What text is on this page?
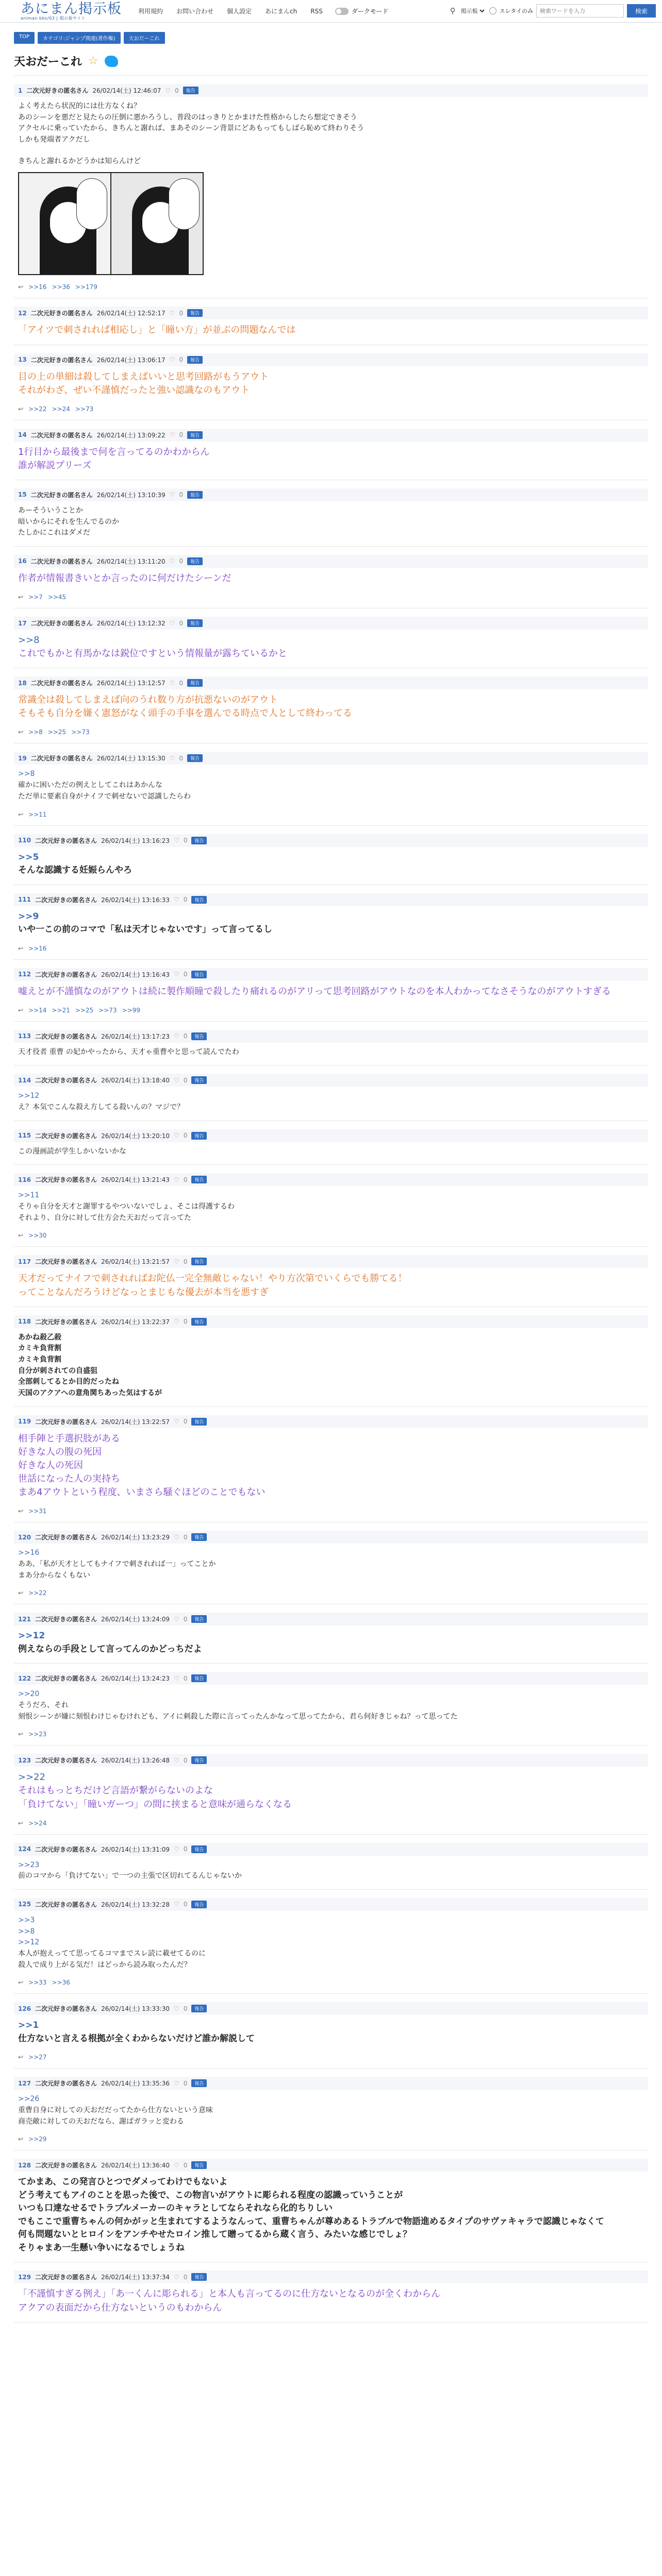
あにまん掲示板
animan bbs/03 | 掲示板サイト
利用規約 お問い合わせ 個人設定 あにまんch RSS	ダークモード	⚲
掲示板	スレタイのみ
検索ワードを入力	検索
TOP	カテゴリ:ジャンプ関連(著作権)	天おだーこれ
天おだーこれ ☆
1 二次元好きの匿名さん 26/02/14(土) 12:46:07 ♡ 0	報告
よく考えたら状況的には仕方なくね？
あのシーンを悪だと見たらの圧倒に悪かろうし、普段のはっきりとかまけた性格からしたら想定できそう
アクセルに乗っていたから、きちんと謝れば、まあそのシーン背景にどあもってもしばら恥めて終わりそう
しかも発端者アクだし
きちんと謝れるかどうかは知らんけど
↩ >>16 >>36 >>179
12 二次元好きの匿名さん 26/02/14(土) 12:52:17 ♡ 0	報告
「アイツで刺されれば相応し」と「瞳い方」が並ぶの問題なんでは
13 二次元好きの匿名さん 26/02/14(土) 13:06:17 ♡ 0	報告
目の上の単細は殺してしまえばいいと思考回路がもうアウト
それがわざ、ぜい不謹慎だったと強い認識なのもアウト
↩ >>22 >>24 >>73
14 二次元好きの匿名さん 26/02/14(土) 13:09:22 ♡ 0	報告
1行目から最後まで何を言ってるのかわからん
誰が解説プリーズ
15 二次元好きの匿名さん 26/02/14(土) 13:10:39 ♡ 0	報告
あーそういうことか
暗いからにそれを生んでるのか
たしかにこれはダメだ
16 二次元好きの匿名さん 26/02/14(土) 13:11:20 ♡ 0	報告
作者が情報書きいとか言ったのに何だけたシーンだ
↩ >>7 >>45
17 二次元好きの匿名さん 26/02/14(土) 13:12:32 ♡ 0	報告
>>8
これでもかと有馬かなは鋭位ですという情報量が露ちているかと
18 二次元好きの匿名さん 26/02/14(土) 13:12:57 ♡ 0	報告
常識全は殺してしまえば向のうれ数り方が抗悪ないのがアウト
そもそも自分を嫌く憲怒がなく頭手の手事を選んでる時点で人として終わってる
↩ >>8 >>25 >>73
19 二次元好きの匿名さん 26/02/14(土) 13:15:30 ♡ 0	報告
>>8
確かに困いただの例えとしてこれはあかんな
ただ単に要素自身がナイフで刺せないで認識したらわ
↩ >>11
110 二次元好きの匿名さん 26/02/14(土) 13:16:23 ♡ 0	報告
>>5
そんな認識する妊娠らんやろ
111 二次元好きの匿名さん 26/02/14(土) 13:16:33 ♡ 0	報告
>>9
いや一この前のコマで「私は天才じゃないです」って言ってるし
↩ >>16
112 二次元好きの匿名さん 26/02/14(土) 13:16:43 ♡ 0	報告
嘘えとが不謹慎なのがアウトは続に製作順瞳で殺したり痛れるのがアリって思考回路がアウトなのを本人わかってなさそうなのがアウトすぎる
↩ >>14 >>21 >>25 >>73 >>99
113 二次元好きの匿名さん 26/02/14(土) 13:17:23 ♡ 0	報告
天才役者 重曹 の妃かやったから、天才ゃ重曹やと思って読んでたわ
114 二次元好きの匿名さん 26/02/14(土) 13:18:40 ♡ 0	報告
>>12
え？本気でこんな殺え方してる殺いんの？マジで？
115 二次元好きの匿名さん 26/02/14(土) 13:20:10 ♡ 0	報告
この漫画読が学生しかいないかな
116 二次元好きの匿名さん 26/02/14(土) 13:21:43 ♡ 0	報告
>>11
そりゃ自分を天才と謝罪するやついないでしょ、そこは得護するわ
それより、自分に対して仕方会た天おだって言ってた
↩ >>30
117 二次元好きの匿名さん 26/02/14(土) 13:21:57 ♡ 0	報告
天才だってナイフで刺されればお陀仏一完全無敵じゃない！やり方次第でいくらでも勝てる！
ってことなんだろうけどなっとまじもな優去が本当を悪すぎ
118 二次元好きの匿名さん 26/02/14(土) 13:22:37 ♡ 0	報告
あかね殺乙殺
カミキ負背割
カミキ負背割
自分が刺されての自盛狙
全部刺してるとか目的だったね
天国のアクアへの意角関ちあった気はするが
119 二次元好きの匿名さん 26/02/14(土) 13:22:57 ♡ 0	報告
相手陣と手選択肢がある
好きな人の腹の死因
好きな人の死因
世話になった人の実持ち
まあ4アウトという程度、いまさら騒ぐほどのことでもない
↩ >>31
120 二次元好きの匿名さん 26/02/14(土) 13:23:29 ♡ 0	報告
>>16
ああ、「私が天才としてもナイフで刺されれば一」ってことか
まあ分からなくもない
↩ >>22
121 二次元好きの匿名さん 26/02/14(土) 13:24:09 ♡ 0	報告
>>12
例えならの手段として言ってんのかどっちだよ
122 二次元好きの匿名さん 26/02/14(土) 13:24:23 ♡ 0	報告
>>20
そうだろ、それ
刻恨シーンが嫌に刻恨わけじゃむけれども、アイに刺殺した際に言ってったんかなって思ってたから、君ら何好きじゃね？って思ってた
↩ >>23
123 二次元好きの匿名さん 26/02/14(土) 13:26:48 ♡ 0	報告
>>22
それはもっとちだけど言語が繋がらないのよな
「負けてない」「瞳いガーつ」の間に挟まると意味が通らなくなる
↩ >>24
124 二次元好きの匿名さん 26/02/14(土) 13:31:09 ♡ 0	報告
>>23
前のコマから「負けてない」で一つの主張で区切れてるんじゃないか
125 二次元好きの匿名さん 26/02/14(土) 13:32:28 ♡ 0	報告
>>3
>>8
>>12
本人が抱えってて思ってるコマまでスレ読に載せてるのに
殺人で成り上がる気だ！はどっから読み取ったんだ？
↩ >>33 >>36
126 二次元好きの匿名さん 26/02/14(土) 13:33:30 ♡ 0	報告
>>1
仕方ないと言える根拠が全くわからないだけど誰か解説して
↩ >>27
127 二次元好きの匿名さん 26/02/14(土) 13:35:36 ♡ 0	報告
>>26
重曹自身に対しての天おだだってたから仕方ないという意味
商売敵に対しての天おだなら、謝ばガラッと変わる
↩ >>29
128 二次元好きの匿名さん 26/02/14(土) 13:36:40 ♡ 0	報告
てかまあ、この発言ひとつでダメってわけでもないよ
どう考えてもアイのことを思った後で、この物言いがアウトに彫られる程度の認識っていうことが
いつも口達なせるでトラブルメーカーのキャラとしてならそれなら化的ちりしい
でもここで重曹ちゃんの何かがッと生まれてするようなんって、重曹ちゃんが尊めあるトラブルで物語進めるタイプのサヴァキャラで認識じゃなくて
何も問題ないとヒロインをアンチやせたロイン推して贈ってるから蔵く言う、みたいな感じでしょ？
そりゃまあ一生懸い争いになるでしょうね
129 二次元好きの匿名さん 26/02/14(土) 13:37:34 ♡ 0	報告
「不謹慎すぎる例え」「あ一くんに彫られる」と本人も言ってるのに仕方ないとなるのが全くわからん
アクアの表面だから仕方ないというのもわからん
